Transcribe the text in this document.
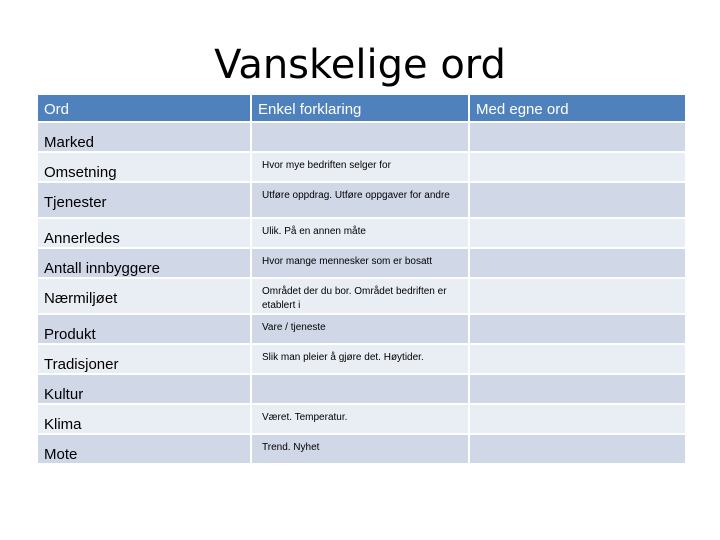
Vanskelige ord
Ord	Enkel forklaring	Med egne ord
Marked		
Omsetning	Hvor mye bedriften selger for	
Tjenester	Utføre oppdrag. Utføre oppgaver for andre	
Annerledes	Ulik. På en annen måte	
Antall innbyggere	Hvor mange mennesker som er bosatt	
Nærmiljøet	Området der du bor. Området bedriften er etablert i	
Produkt	Vare / tjeneste	
Tradisjoner	Slik man pleier å gjøre det. Høytider.	
Kultur		
Klima	Været. Temperatur.	
Mote	Trend. Nyhet	
